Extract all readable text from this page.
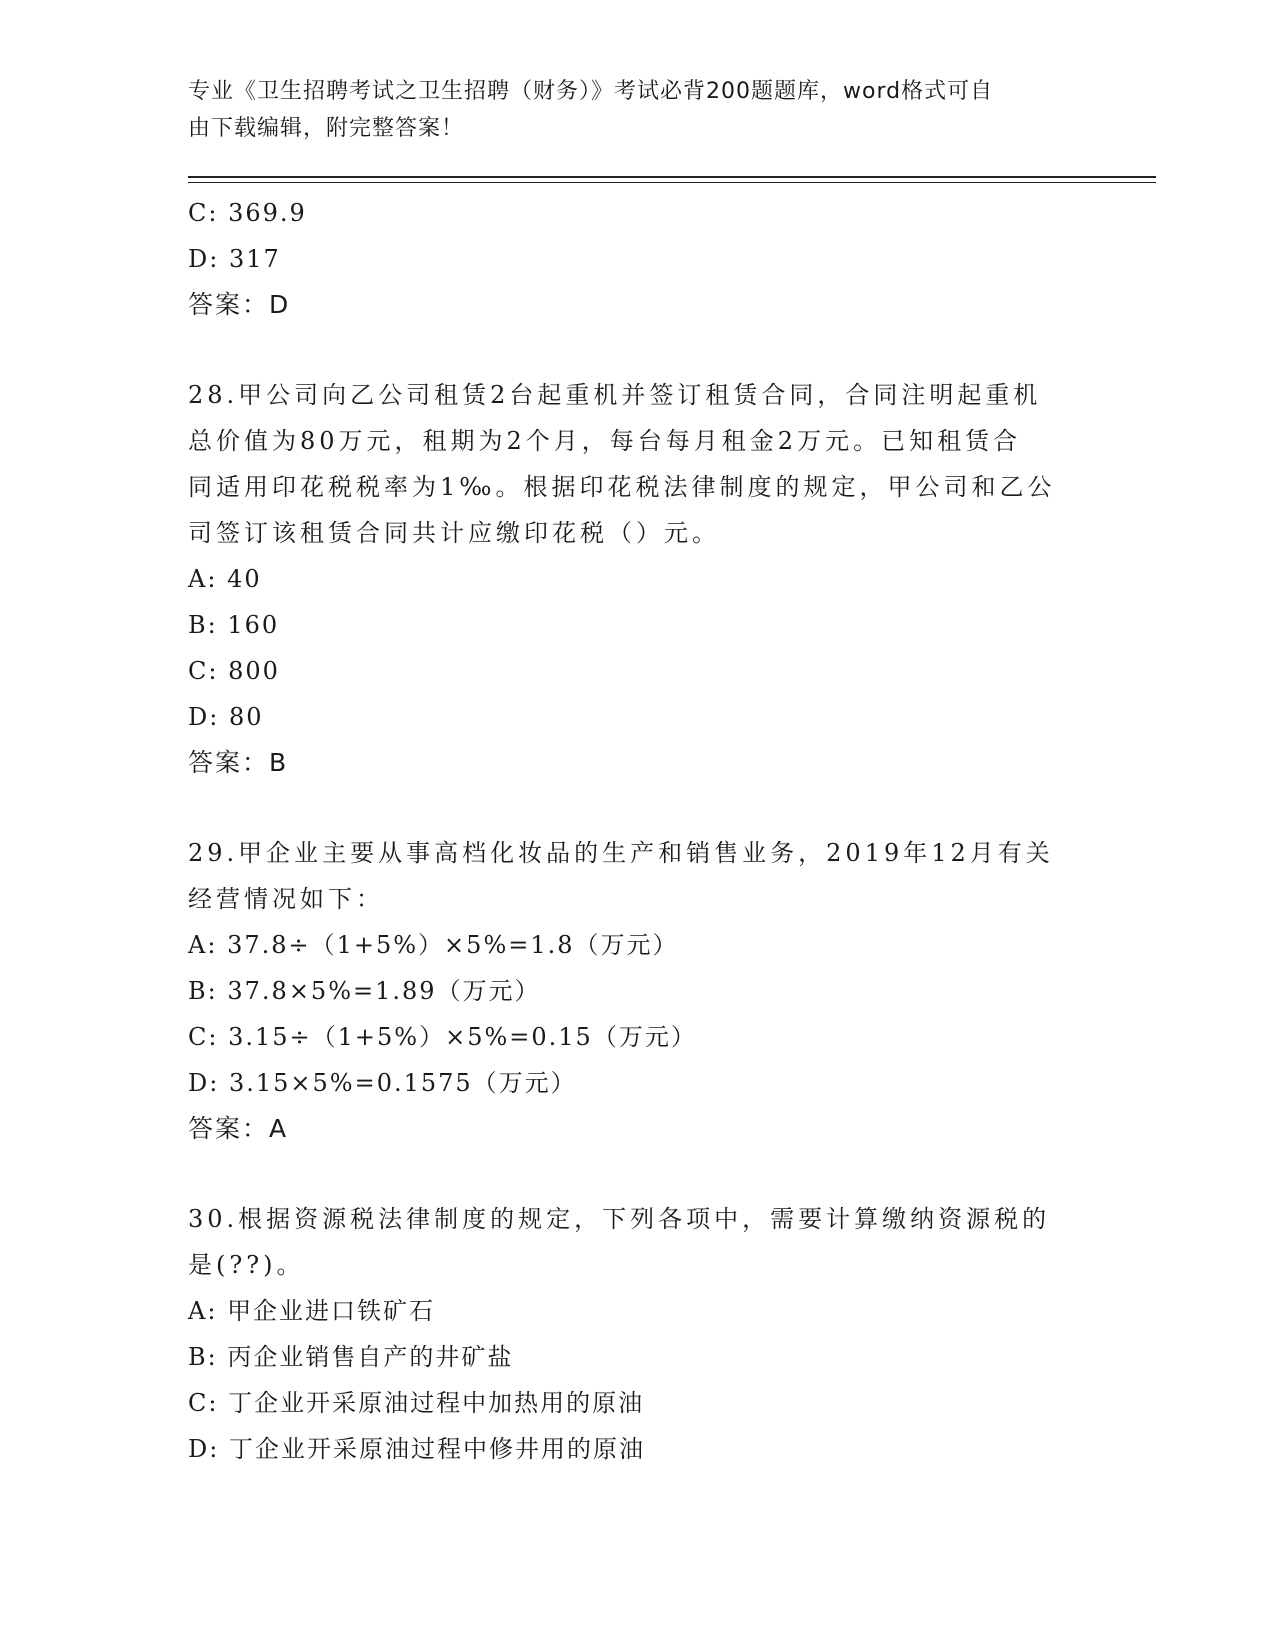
专业《卫生招聘考试之卫生招聘（财务）》考试必背200题题库，word格式可自
由下载编辑，附完整答案！
C: 369.9
D: 317
答案：D
28.甲公司向乙公司租赁2台起重机并签订租赁合同，合同注明起重机
总价值为80万元，租期为2个月，每台每月租金2万元。已知租赁合
同适用印花税税率为1‰。根据印花税法律制度的规定，甲公司和乙公
司签订该租赁合同共计应缴印花税（）元。
A: 40
B: 160
C: 800
D: 80
答案：B
29.甲企业主要从事高档化妆品的生产和销售业务，2019年12月有关
经营情况如下：
A: 37.8÷（1+5%）×5%=1.8（万元）
B: 37.8×5%=1.89（万元）
C: 3.15÷（1+5%）×5%=0.15（万元）
D: 3.15×5%=0.1575（万元）
答案：A
30.根据资源税法律制度的规定，下列各项中，需要计算缴纳资源税的
是(??)。
A: 甲企业进口铁矿石
B: 丙企业销售自产的井矿盐
C: 丁企业开采原油过程中加热用的原油
D: 丁企业开采原油过程中修井用的原油
